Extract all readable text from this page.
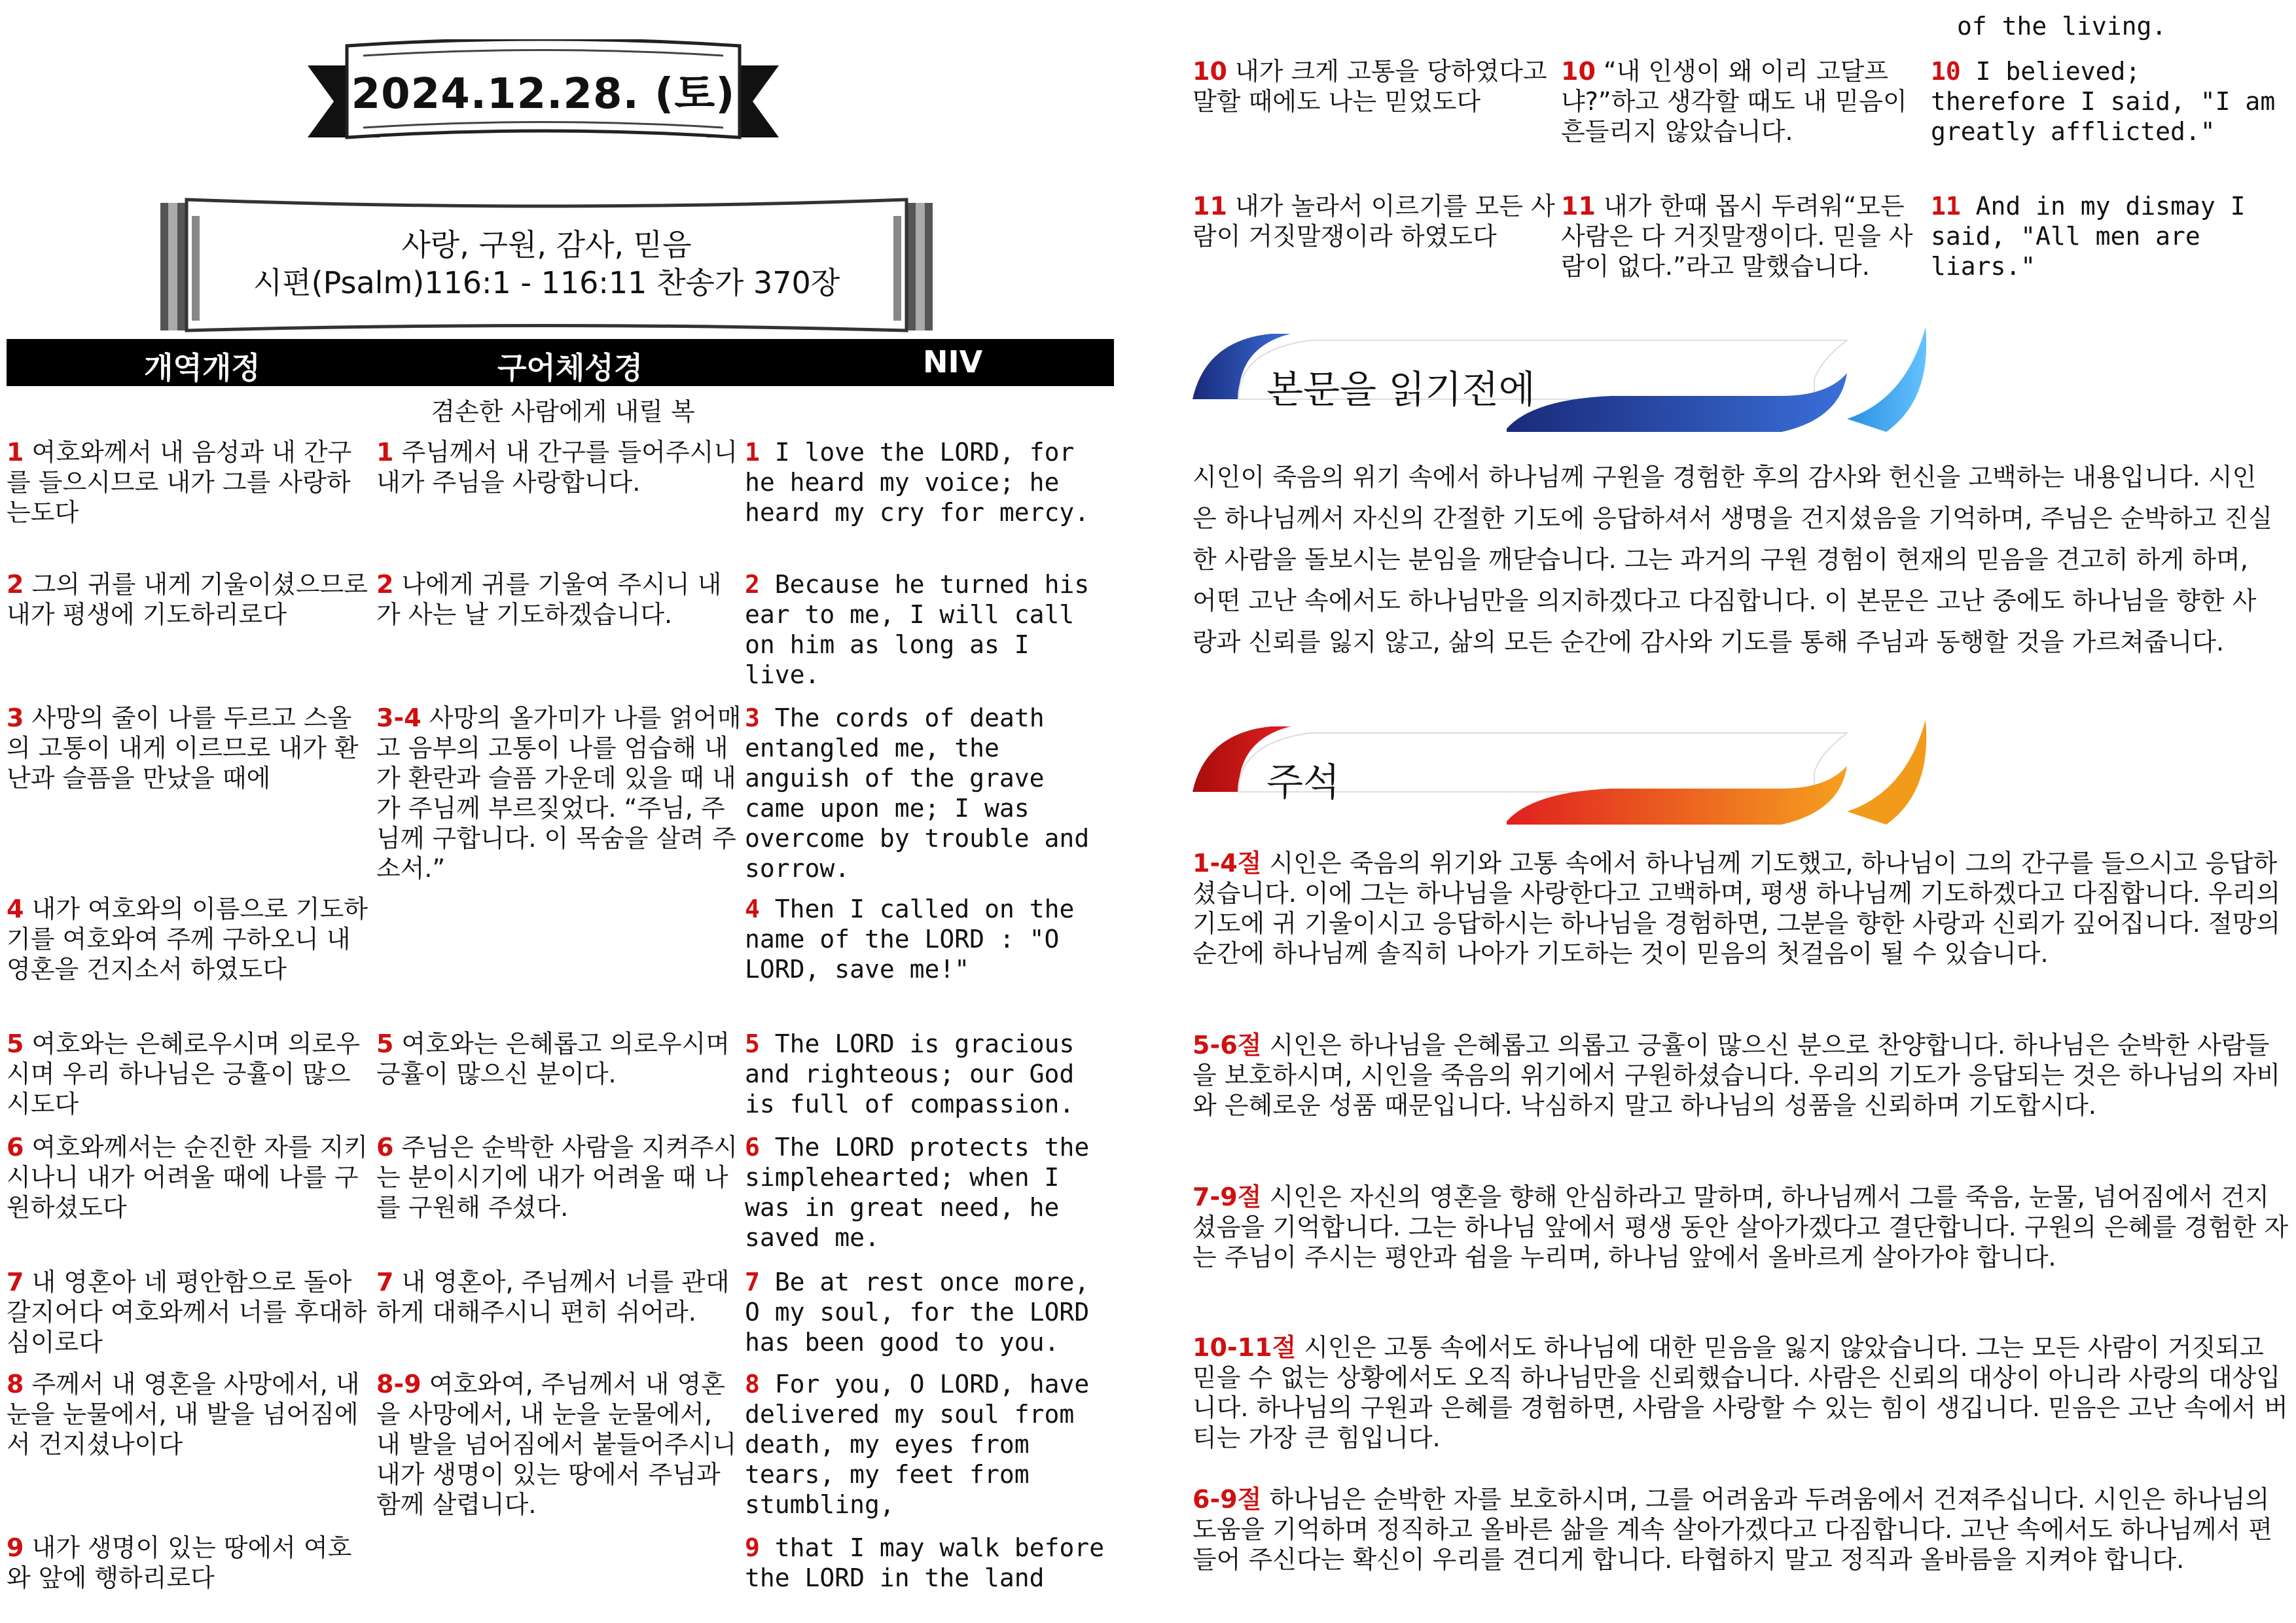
2024.12.28. (토)
사랑, 구원, 감사, 믿음
시편(Psalm)116:1 - 116:11 찬송가 370장
개역개정	구어체성경	NIV
겸손한 사람에게 내릴 복
1 여호와께서 내 음성과 내 간구를 들으시므로 내가 그를 사랑하는도다
2 그의 귀를 내게 기울이셨으므로 내가 평생에 기도하리로다
3 사망의 줄이 나를 두르고 스올의 고통이 내게 이르므로 내가 환난과 슬픔을 만났을 때에
4 내가 여호와의 이름으로 기도하기를 여호와여 주께 구하오니 내 영혼을 건지소서 하였도다
5 여호와는 은혜로우시며 의로우시며 우리 하나님은 긍휼이 많으시도다
6 여호와께서는 순진한 자를 지키시나니 내가 어려울 때에 나를 구원하셨도다
7 내 영혼아 네 평안함으로 돌아갈지어다 여호와께서 너를 후대하심이로다
8 주께서 내 영혼을 사망에서, 내 눈을 눈물에서, 내 발을 넘어짐에서 건지셨나이다
9 내가 생명이 있는 땅에서 여호와 앞에 행하리로다
1 주님께서 내 간구를 들어주시니 내가 주님을 사랑합니다.
2 나에게 귀를 기울여 주시니 내가 사는 날 기도하겠습니다.
3-4 사망의 올가미가 나를 얽어매고 음부의 고통이 나를 엄습해 내가 환란과 슬픔 가운데 있을 때 내가 주님께 부르짖었다. “주님, 주님께 구합니다. 이 목숨을 살려 주소서.”
5 여호와는 은혜롭고 의로우시며 긍휼이 많으신 분이다.
6 주님은 순박한 사람을 지켜주시는 분이시기에 내가 어려울 때 나를 구원해 주셨다.
7 내 영혼아, 주님께서 너를 관대하게 대해주시니 편히 쉬어라.
8-9 여호와여, 주님께서 내 영혼을 사망에서, 내 눈을 눈물에서, 내 발을 넘어짐에서 붙들어주시니 내가 생명이 있는 땅에서 주님과 함께 살렵니다.
1 I love the LORD, for he heard my voice; he heard my cry for mercy.
2 Because he turned his ear to me, I will call on him as long as I live.
3 The cords of death entangled me, the anguish of the grave came upon me; I was overcome by trouble and sorrow.
4 Then I called on the name of the LORD : "O LORD, save me!"
5 The LORD is gracious and righteous; our God is full of compassion.
6 The LORD protects the simplehearted; when I was in great need, he saved me.
7 Be at rest once more, O my soul, for the LORD has been good to you.
8 For you, O LORD, have delivered my soul from death, my eyes from tears, my feet from stumbling,
9 that I may walk before the LORD in the land
of the living.
10 내가 크게 고통을 당하였다고 말할 때에도 나는 믿었도다
10 “내 인생이 왜 이리 고달프냐?”하고 생각할 때도 내 믿음이 흔들리지 않았습니다.
10 I believed; therefore I said, "I am greatly afflicted."
11 내가 놀라서 이르기를 모든 사람이 거짓말쟁이라 하였도다
11 내가 한때 몹시 두려워“모든 사람은 다 거짓말쟁이다. 믿을 사람이 없다.”라고 말했습니다.
11 And in my dismay I said, "All men are liars."
본문을 읽기전에
시인이 죽음의 위기 속에서 하나님께 구원을 경험한 후의 감사와 헌신을 고백하는 내용입니다. 시인은 하나님께서 자신의 간절한 기도에 응답하셔서 생명을 건지셨음을 기억하며, 주님은 순박하고 진실한 사람을 돌보시는 분임을 깨닫습니다. 그는 과거의 구원 경험이 현재의 믿음을 견고히 하게 하며, 어떤 고난 속에서도 하나님만을 의지하겠다고 다짐합니다. 이 본문은 고난 중에도 하나님을 향한 사랑과 신뢰를 잃지 않고, 삶의 모든 순간에 감사와 기도를 통해 주님과 동행할 것을 가르쳐줍니다.
주석
1-4절 시인은 죽음의 위기와 고통 속에서 하나님께 기도했고, 하나님이 그의 간구를 들으시고 응답하셨습니다. 이에 그는 하나님을 사랑한다고 고백하며, 평생 하나님께 기도하겠다고 다짐합니다. 우리의 기도에 귀 기울이시고 응답하시는 하나님을 경험하면, 그분을 향한 사랑과 신뢰가 깊어집니다. 절망의 순간에 하나님께 솔직히 나아가 기도하는 것이 믿음의 첫걸음이 될 수 있습니다.
5-6절 시인은 하나님을 은혜롭고 의롭고 긍휼이 많으신 분으로 찬양합니다. 하나님은 순박한 사람들을 보호하시며, 시인을 죽음의 위기에서 구원하셨습니다. 우리의 기도가 응답되는 것은 하나님의 자비와 은혜로운 성품 때문입니다. 낙심하지 말고 하나님의 성품을 신뢰하며 기도합시다.
7-9절 시인은 자신의 영혼을 향해 안심하라고 말하며, 하나님께서 그를 죽음, 눈물, 넘어짐에서 건지셨음을 기억합니다. 그는 하나님 앞에서 평생 동안 살아가겠다고 결단합니다. 구원의 은혜를 경험한 자는 주님이 주시는 평안과 쉼을 누리며, 하나님 앞에서 올바르게 살아가야 합니다.
10-11절 시인은 고통 속에서도 하나님에 대한 믿음을 잃지 않았습니다. 그는 모든 사람이 거짓되고 믿을 수 없는 상황에서도 오직 하나님만을 신뢰했습니다. 사람은 신뢰의 대상이 아니라 사랑의 대상입니다. 하나님의 구원과 은혜를 경험하면, 사람을 사랑할 수 있는 힘이 생깁니다. 믿음은 고난 속에서 버티는 가장 큰 힘입니다.
6-9절 하나님은 순박한 자를 보호하시며, 그를 어려움과 두려움에서 건져주십니다. 시인은 하나님의 도움을 기억하며 정직하고 올바른 삶을 계속 살아가겠다고 다짐합니다. 고난 속에서도 하나님께서 편들어 주신다는 확신이 우리를 견디게 합니다. 타협하지 말고 정직과 올바름을 지켜야 합니다.
